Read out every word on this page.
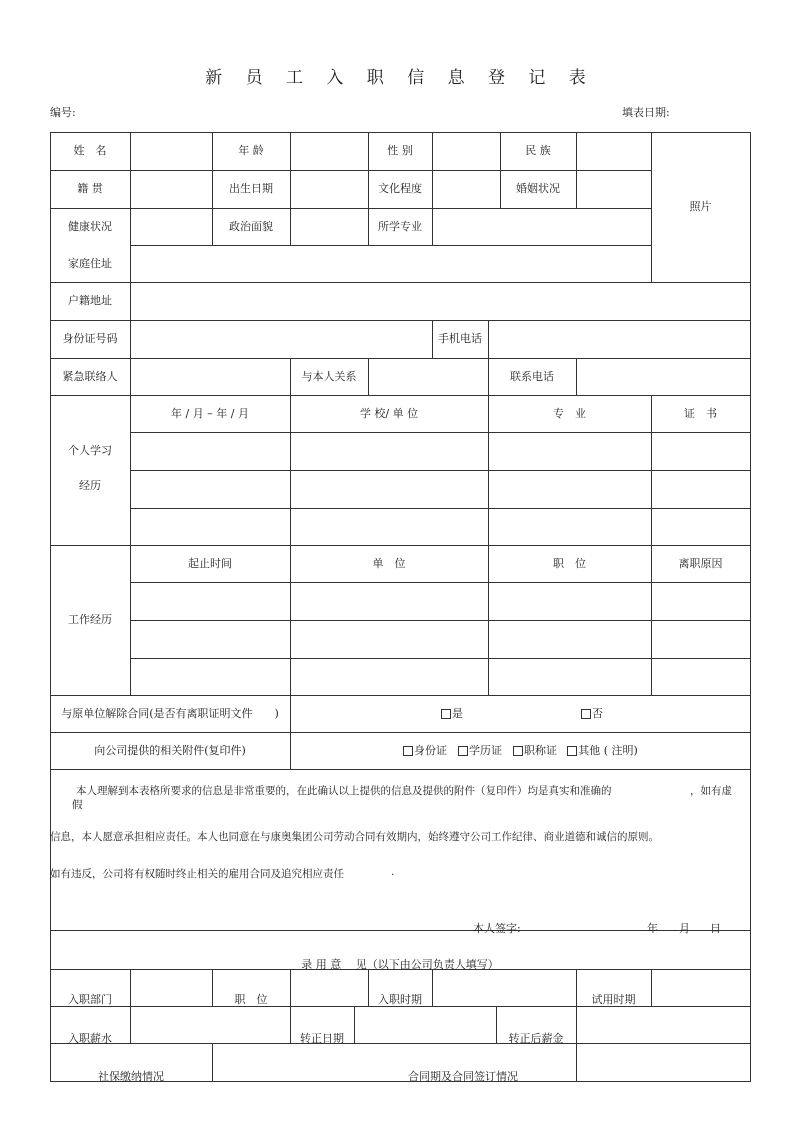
新 员 工 入 职 信 息 登 记 表
编号:	填表日期:
姓　名	年 龄	性 别	民 族
照片
籍 贯	出生日期	文化程度	婚姻状况
健康状况	政治面貌	所学专业
家庭住址
户籍地址
身份证号码	手机电话
紧急联络人	与本人关系	联系电话
个人学习
经历
年 / 月 – 年 / 月	学 校/ 单 位	专　业	证　书
工作经历
起止时间	单　位	职　位	离职原因
与原单位解除合同(是否有离职证明文件　　)	是	否
向公司提供的相关附件(复印件)	身份证 学历证 职称证 其他 ( 注明)
本人理解到本表格所要求的信息是非常重要的，在此确认以上提供的信息及提供的附件（复印件）均是真实和准确的	，如有虚
假
信息，本人愿意承担相应责任。本人也同意在与康奥集团公司劳动合同有效期内，始终遵守公司工作纪律、商业道德和诚信的原则。
如有违反，公司将有权随时终止相关的雇用合同及追究相应责任	.
本人签字:	年 月 日
录 用 意　 见（以下由公司负责人填写）
入职部门	职　位	入职时期	试用时期
入职薪水	转正日期	转正后薪金
社保缴纳情况	合同期及合同签订情况
